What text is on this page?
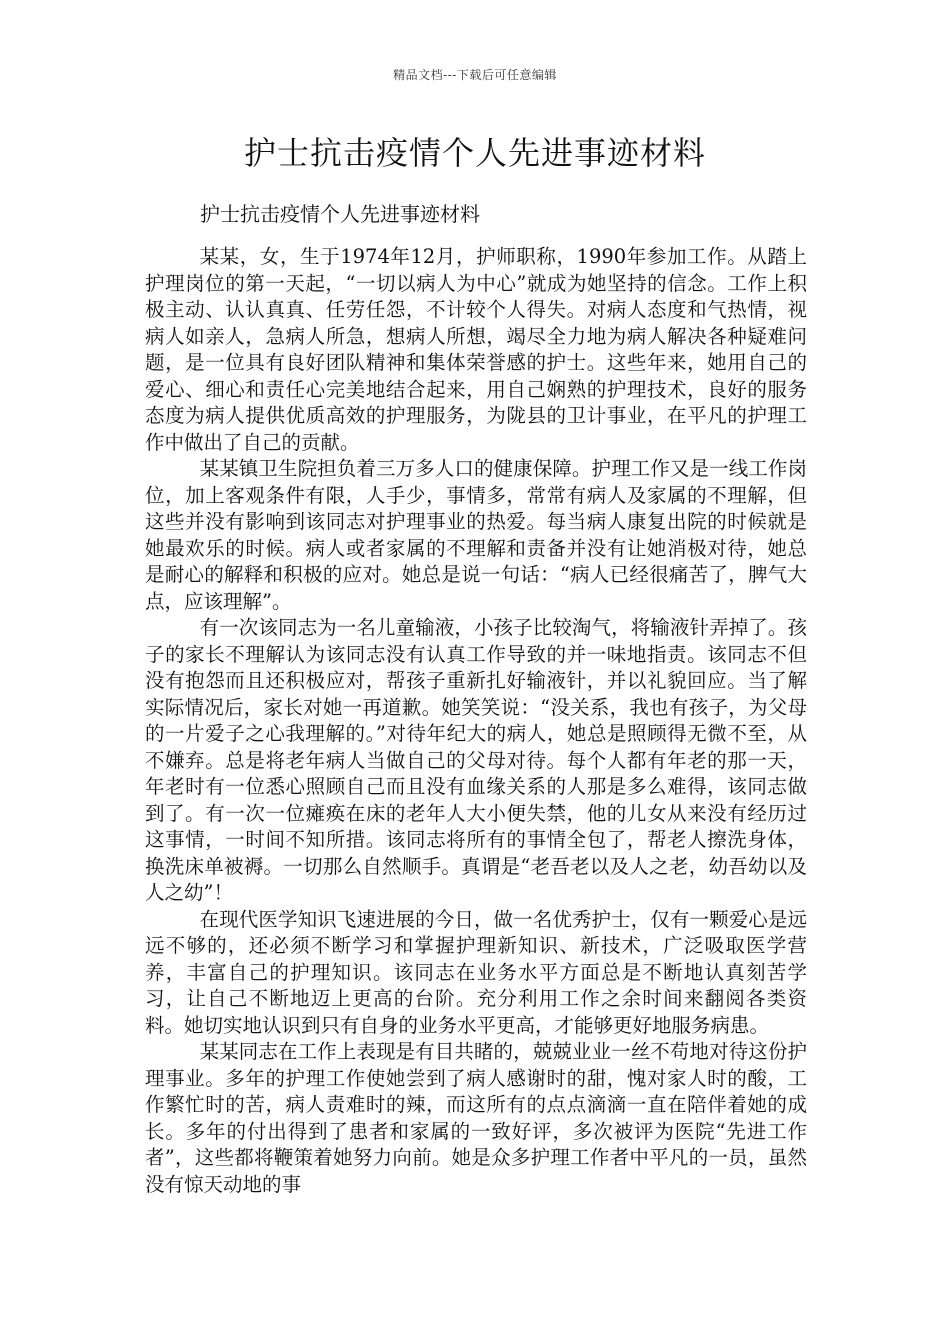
精品文档---下载后可任意编辑
护士抗击疫情个人先进事迹材料
护士抗击疫情个人先进事迹材料

某某，女，生于1974年12月，护师职称，1990年参加工作。从踏上护理岗位的第一天起，“一切以病人为中心”就成为她坚持的信念。工作上积极主动、认认真真、任劳任怨，不计较个人得失。对病人态度和气热情，视病人如亲人，急病人所急，想病人所想，竭尽全力地为病人解决各种疑难问题，是一位具有良好团队精神和集体荣誉感的护士。这些年来，她用自己的爱心、细心和责任心完美地结合起来，用自己娴熟的护理技术，良好的服务态度为病人提供优质高效的护理服务，为陇县的卫计事业，在平凡的护理工作中做出了自己的贡献。

某某镇卫生院担负着三万多人口的健康保障。护理工作又是一线工作岗位，加上客观条件有限，人手少，事情多，常常有病人及家属的不理解，但这些并没有影响到该同志对护理事业的热爱。每当病人康复出院的时候就是她最欢乐的时候。病人或者家属的不理解和责备并没有让她消极对待，她总是耐心的解释和积极的应对。她总是说一句话：“病人已经很痛苦了，脾气大点，应该理解”。

有一次该同志为一名儿童输液，小孩子比较淘气，将输液针弄掉了。孩子的家长不理解认为该同志没有认真工作导致的并一味地指责。该同志不但没有抱怨而且还积极应对，帮孩子重新扎好输液针，并以礼貌回应。当了解实际情况后，家长对她一再道歉。她笑笑说：“没关系，我也有孩子，为父母的一片爱子之心我理解的。”对待年纪大的病人，她总是照顾得无微不至，从不嫌弃。总是将老年病人当做自己的父母对待。每个人都有年老的那一天，年老时有一位悉心照顾自己而且没有血缘关系的人那是多么难得，该同志做到了。有一次一位瘫痪在床的老年人大小便失禁，他的儿女从来没有经历过这事情，一时间不知所措。该同志将所有的事情全包了，帮老人擦洗身体，换洗床单被褥。一切那么自然顺手。真谓是“老吾老以及人之老，幼吾幼以及人之幼”！

在现代医学知识飞速进展的今日，做一名优秀护士，仅有一颗爱心是远远不够的，还必须不断学习和掌握护理新知识、新技术，广泛吸取医学营养，丰富自己的护理知识。该同志在业务水平方面总是不断地认真刻苦学习，让自己不断地迈上更高的台阶。充分利用工作之余时间来翻阅各类资料。她切实地认识到只有自身的业务水平更高，才能够更好地服务病患。

某某同志在工作上表现是有目共睹的，兢兢业业一丝不苟地对待这份护理事业。多年的护理工作使她尝到了病人感谢时的甜，愧对家人时的酸，工作繁忙时的苦，病人责难时的辣，而这所有的点点滴滴一直在陪伴着她的成长。多年的付出得到了患者和家属的一致好评，多次被评为医院“先进工作者”，这些都将鞭策着她努力向前。她是众多护理工作者中平凡的一员，虽然没有惊天动地的事
